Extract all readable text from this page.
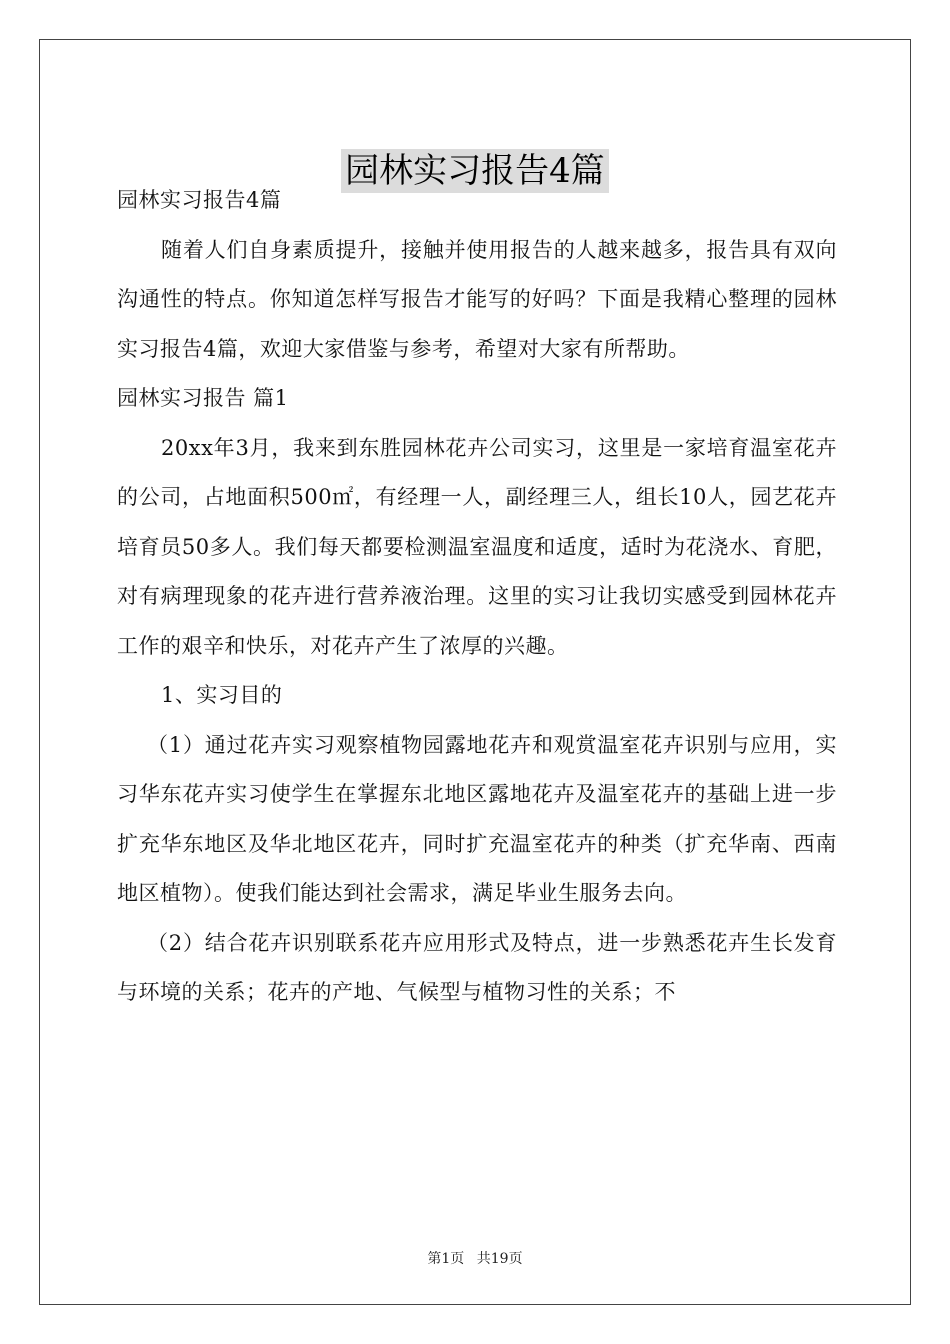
园林实习报告4篇

园林实习报告4篇

随着人们自身素质提升，接触并使用报告的人越来越多，报告具有双向沟通性的特点。你知道怎样写报告才能写的好吗？下面是我精心整理的园林实习报告4篇，欢迎大家借鉴与参考，希望对大家有所帮助。

园林实习报告 篇1

20xx年3月，我来到东胜园林花卉公司实习，这里是一家培育温室花卉的公司，占地面积500㎡，有经理一人，副经理三人，组长10人，园艺花卉培育员50多人。我们每天都要检测温室温度和适度，适时为花浇水、育肥，对有病理现象的花卉进行营养液治理。这里的实习让我切实感受到园林花卉工作的艰辛和快乐，对花卉产生了浓厚的兴趣。

1、实习目的

（1）通过花卉实习观察植物园露地花卉和观赏温室花卉识别与应用，实习华东花卉实习使学生在掌握东北地区露地花卉及温室花卉的基础上进一步扩充华东地区及华北地区花卉，同时扩充温室花卉的种类（扩充华南、西南地区植物）。使我们能达到社会需求，满足毕业生服务去向。

（2）结合花卉识别联系花卉应用形式及特点，进一步熟悉花卉生长发育与环境的关系；花卉的产地、气候型与植物习性的关系；不

第1页 共19页
